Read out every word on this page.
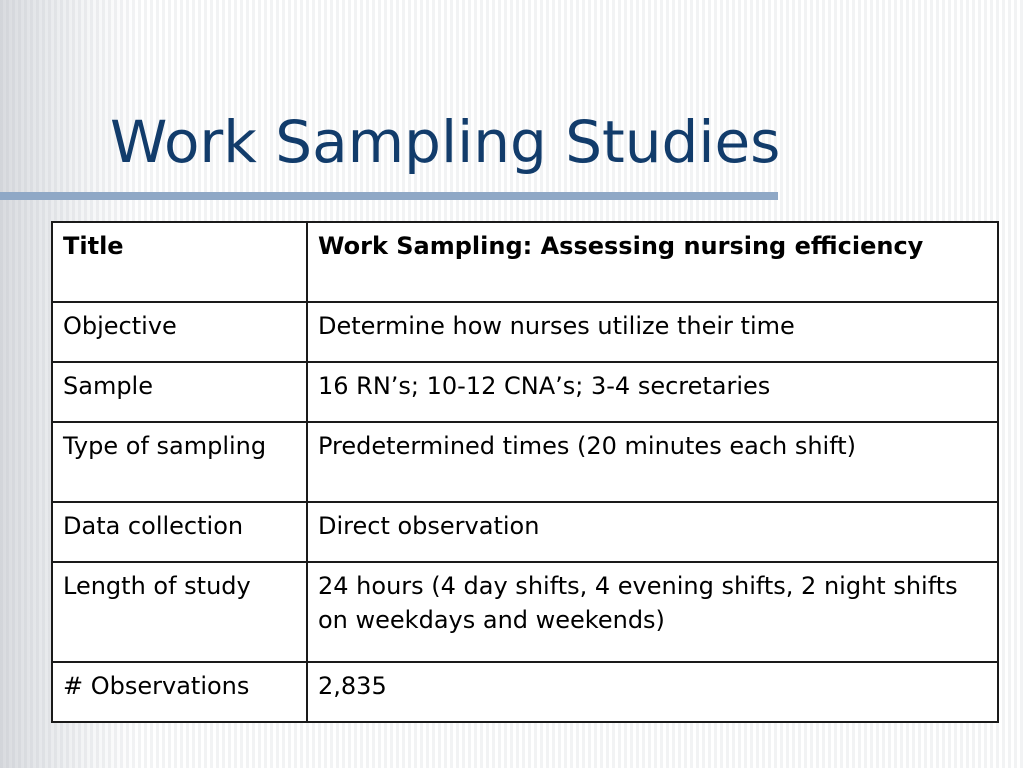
Work Sampling Studies
Title	Work Sampling: Assessing nursing efficiency
Objective	Determine how nurses utilize their time
Sample	16 RN’s; 10-12 CNA’s; 3-4 secretaries
Type of sampling	Predetermined times (20 minutes each shift)
Data collection	Direct observation
Length of study	24 hours (4 day shifts, 4 evening shifts, 2 night shifts on weekdays and weekends)
# Observations	2,835
